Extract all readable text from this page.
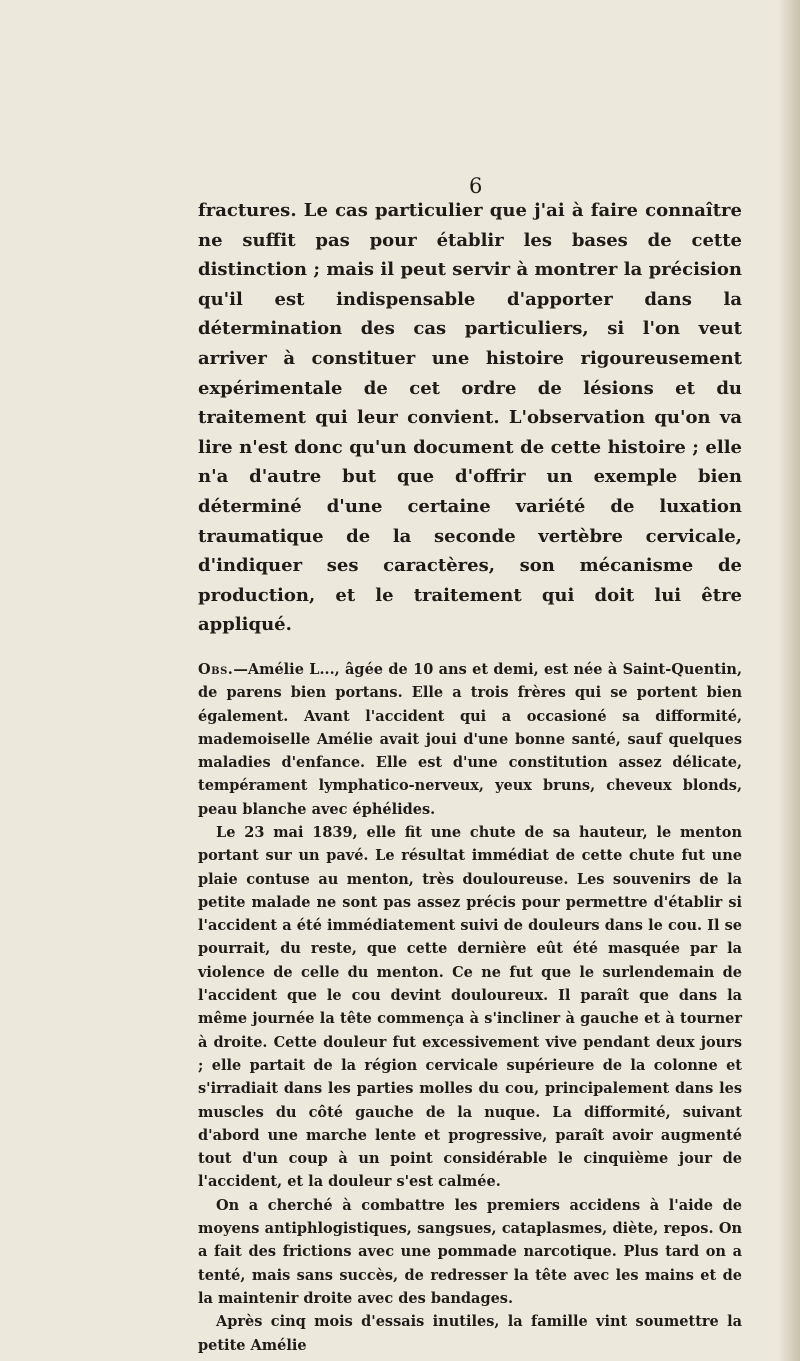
6

fractures. Le cas particulier que j'ai à faire connaître ne suffit pas pour établir les bases de cette distinction ; mais il peut servir à montrer la précision qu'il est indispensable d'apporter dans la détermination des cas particuliers, si l'on veut arriver à constituer une histoire rigoureusement expérimentale de cet ordre de lésions et du traitement qui leur convient. L'observation qu'on va lire n'est donc qu'un document de cette histoire ; elle n'a d'autre but que d'offrir un exemple bien déterminé d'une certaine variété de luxation traumatique de la seconde vertèbre cervicale, d'indiquer ses caractères, son mécanisme de production, et le traitement qui doit lui être appliqué.

Obs.—Amélie L..., âgée de 10 ans et demi, est née à Saint-Quentin, de parens bien portans. Elle a trois frères qui se portent bien également. Avant l'accident qui a occasioné sa difformité, mademoiselle Amélie avait joui d'une bonne santé, sauf quelques maladies d'enfance. Elle est d'une constitution assez délicate, tempérament lymphatico-nerveux, yeux bruns, cheveux blonds, peau blanche avec éphélides.

Le 23 mai 1839, elle fit une chute de sa hauteur, le menton portant sur un pavé. Le résultat immédiat de cette chute fut une plaie contuse au menton, très douloureuse. Les souvenirs de la petite malade ne sont pas assez précis pour permettre d'établir si l'accident a été immédiatement suivi de douleurs dans le cou. Il se pourrait, du reste, que cette dernière eût été masquée par la violence de celle du menton. Ce ne fut que le surlendemain de l'accident que le cou devint douloureux. Il paraît que dans la même journée la tête commença à s'incliner à gauche et à tourner à droite. Cette douleur fut excessivement vive pendant deux jours ; elle partait de la région cervicale supérieure de la colonne et s'irradiait dans les parties molles du cou, principalement dans les muscles du côté gauche de la nuque. La difformité, suivant d'abord une marche lente et progressive, paraît avoir augmenté tout d'un coup à un point considérable le cinquième jour de l'accident, et la douleur s'est calmée.

On a cherché à combattre les premiers accidens à l'aide de moyens antiphlogistiques, sangsues, cataplasmes, diète, repos. On a fait des frictions avec une pommade narcotique. Plus tard on a tenté, mais sans succès, de redresser la tête avec les mains et de la maintenir droite avec des bandages.

Après cinq mois d'essais inutiles, la famille vint soumettre la petite Amélie
